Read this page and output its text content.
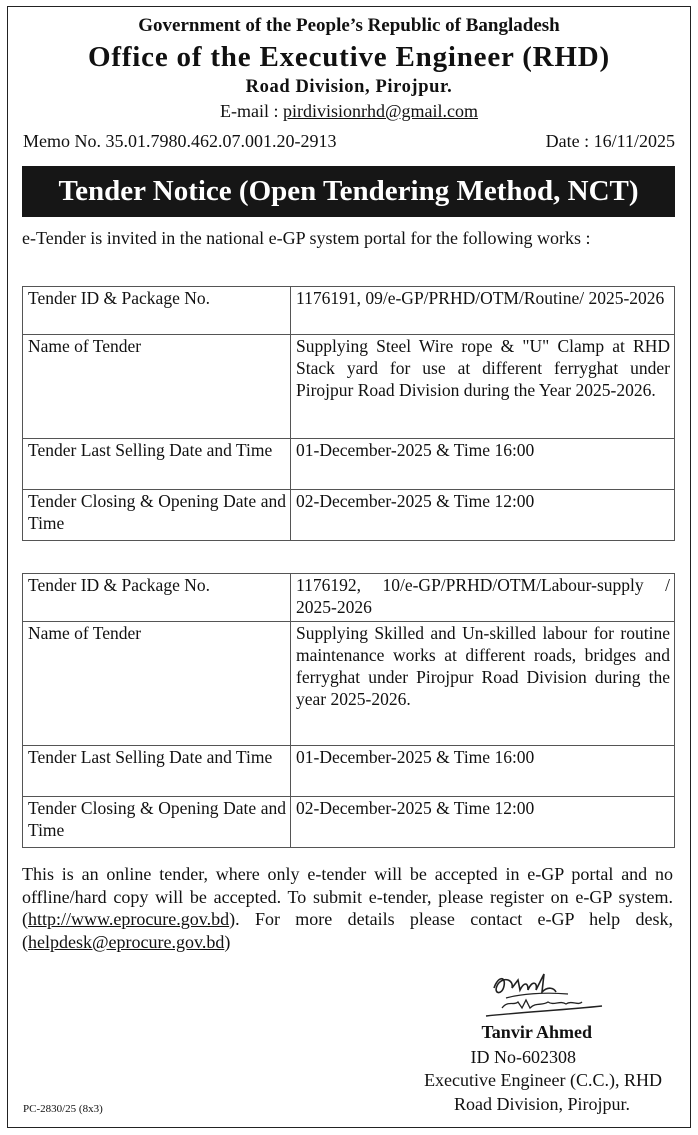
Government of the People’s Republic of Bangladesh
Office of the Executive Engineer (RHD)
Road Division, Pirojpur.
E-mail : pirdivisionrhd@gmail.com
Memo No. 35.01.7980.462.07.001.20-2913	Date : 16/11/2025
Tender Notice (Open Tendering Method, NCT)
e-Tender is invited in the national e-GP system portal for the following works :
Tender ID & Package No.	1176191, 09/e-GP/PRHD/OTM/Routine/ 2025-2026
Name of Tender	Supplying Steel Wire rope & "U" Clamp at RHD Stack yard for use at different ferryghat under Pirojpur Road Division during the Year 2025-2026.
Tender Last Selling Date and Time	01-December-2025 & Time 16:00
Tender Closing & Opening Date and Time	02-December-2025 & Time 12:00
Tender ID & Package No.	1176192, 10/e-GP/PRHD/OTM/Labour-supply / 2025-2026
Name of Tender	Supplying Skilled and Un-skilled labour for routine maintenance works at different roads, bridges and ferryghat under Pirojpur Road Division during the year 2025-2026.
Tender Last Selling Date and Time	01-December-2025 & Time 16:00
Tender Closing & Opening Date and Time	02-December-2025 & Time 12:00
This is an online tender, where only e-tender will be accepted in e-GP portal and no offline/hard copy will be accepted. To submit e-tender, please register on e-GP system. (http://www.eprocure.gov.bd). For more details please contact e-GP help desk, (helpdesk@eprocure.gov.bd)
Tanvir Ahmed
ID No-602308
Executive Engineer (C.C.), RHD
Road Division, Pirojpur.
PC-2830/25 (8x3)
